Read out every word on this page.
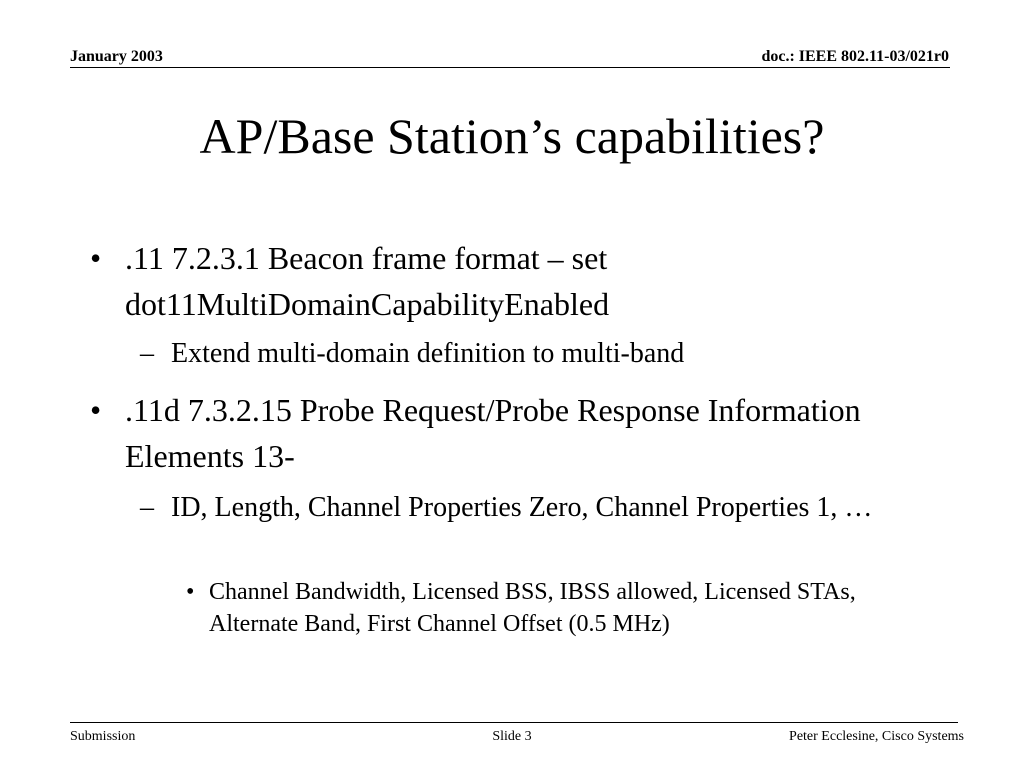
January 2003	doc.: IEEE 802.11-03/021r0
AP/Base Station’s capabilities?
• .11 7.2.3.1 Beacon frame format – set dot11MultiDomainCapabilityEnabled
– Extend multi-domain definition to multi-band
• .11d 7.3.2.15 Probe Request/Probe Response Information Elements 13-
– ID, Length, Channel Properties Zero, Channel Properties 1, …
• Channel Bandwidth, Licensed BSS, IBSS allowed, Licensed STAs, Alternate Band, First Channel Offset (0.5 MHz)
Submission	Slide 3	Peter Ecclesine, Cisco Systems
